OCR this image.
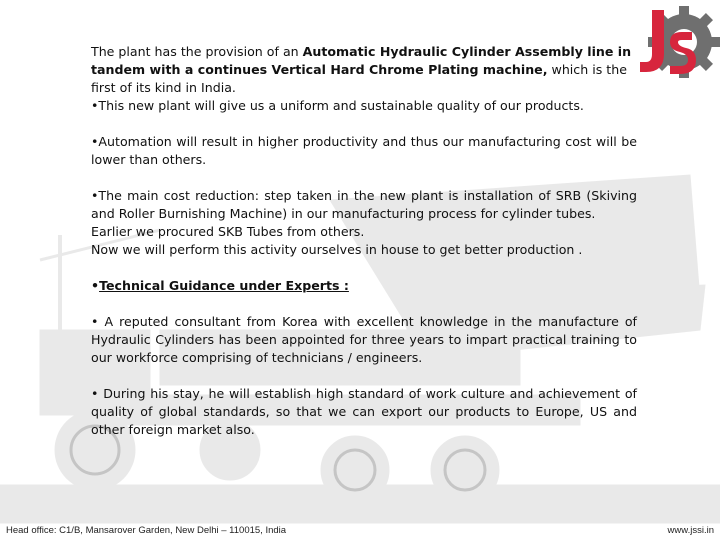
The plant has the provision of an Automatic Hydraulic Cylinder Assembly line in tandem with a continues Vertical Hard Chrome Plating machine, which is the first of its kind in India.

•This new plant will give us a uniform and sustainable quality of our products.

•Automation will result in higher productivity and thus our manufacturing cost will be lower than others.

•The main cost reduction: step taken in the new plant is installation of SRB (Skiving and Roller Burnishing Machine) in our manufacturing process for cylinder tubes.
Earlier we procured SKB Tubes from others.
Now we will perform this activity ourselves in house to get better production .

•Technical Guidance under Experts :

• A reputed consultant from Korea with excellent knowledge in the manufacture of Hydraulic Cylinders has been appointed for three years to impart practical training to our workforce comprising of technicians / engineers.

• During his stay, he will establish high standard of work culture and achievement of quality of global standards, so that we can export our products to Europe, US and other foreign market also.

Head office: C1/B, Mansarover Garden, New Delhi – 110015, India	www.jssi.in
